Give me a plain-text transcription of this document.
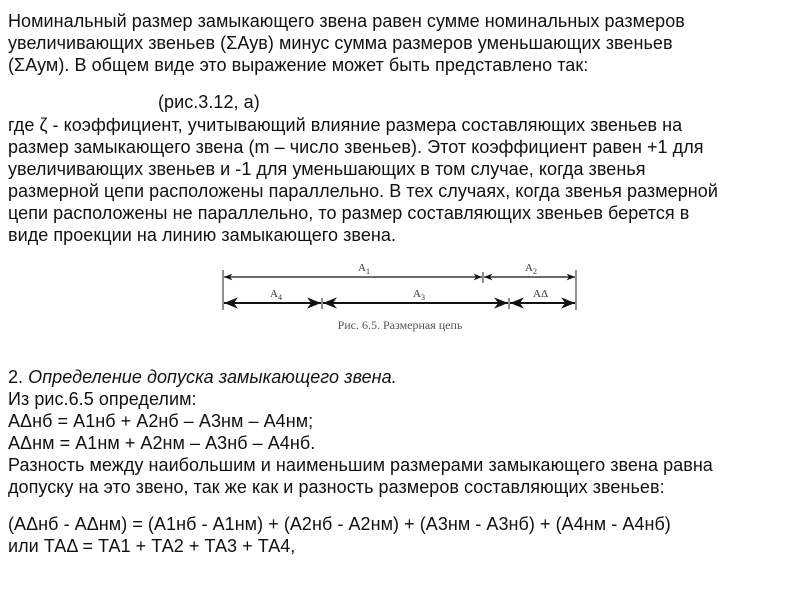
Номинальный размер замыкающего звена равен сумме номинальных размеров
увеличивающих звеньев (ΣАув) минус сумма размеров уменьшающих звеньев
(ΣАум). В общем виде это выражение может быть представлено так:
(рис.3.12, а)
где ζ - коэффициент, учитывающий влияние размера составляющих звеньев на
размер замыкающего звена (m – число звеньев). Этот коэффициент равен +1 для
увеличивающих звеньев и -1 для уменьшающих в том случае, когда звенья
размерной цепи расположены параллельно. В тех случаях, когда звенья размерной
цепи расположены не параллельно, то размер составляющих звеньев берется в
виде проекции на линию замыкающего звена.
$A_1$	$A_2$
$A_4$	$A_3$	AΔ
Рис. 6.5. Размерная цепь
2. Определение допуска замыкающего звена.
Из рис.6.5 определим:
АΔнб = А1нб + А2нб – А3нм – А4нм;
АΔнм = А1нм + А2нм – А3нб – А4нб.
Разность между наибольшим и наименьшим размерами замыкающего звена равна
допуску на это звено, так же как и разность размеров составляющих звеньев:
(АΔнб - АΔнм) = (А1нб - А1нм) + (А2нб - А2нм) + (А3нм - А3нб) + (А4нм - А4нб)
или ТАΔ = ТА1 + ТА2 + ТА3 + ТА4,
